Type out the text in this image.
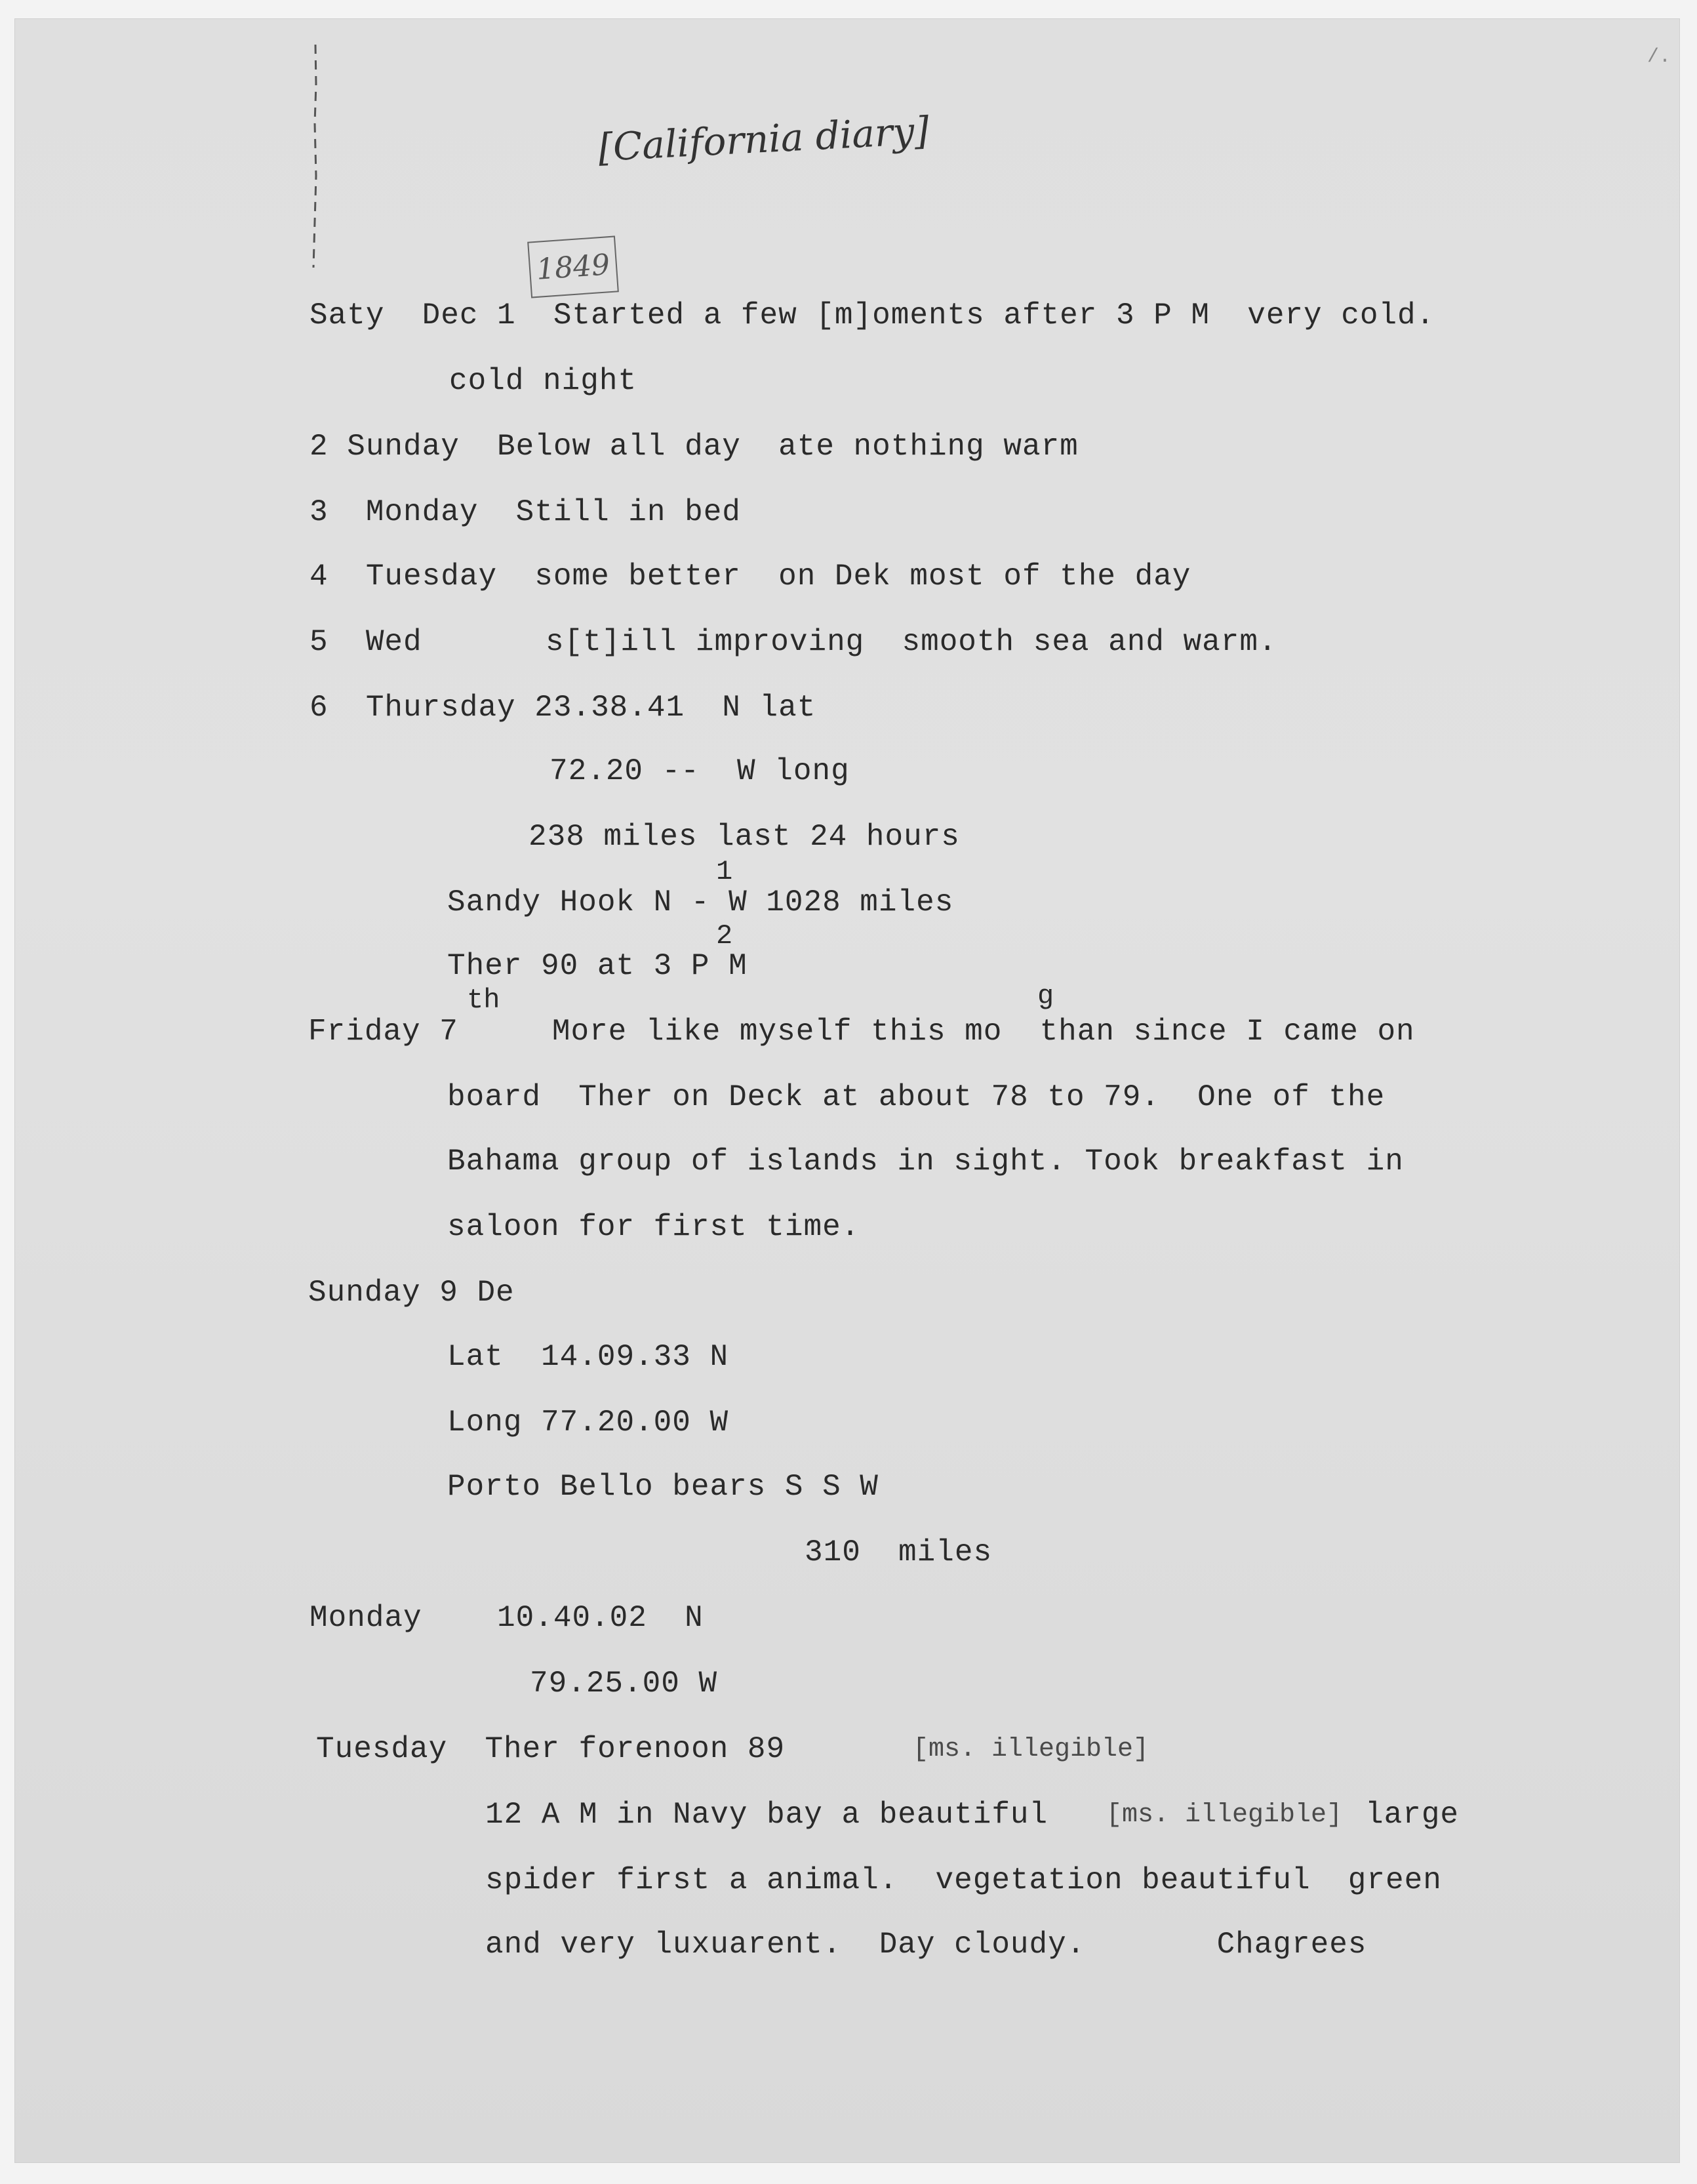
/.
[California diary]
1849
Saty  Dec 1  Started a few [m]oments after 3 P M  very cold.
cold night
2 Sunday  Below all day  ate nothing warm
3  Monday  Still in bed
4  Tuesday  some better  on Dek most of the day
5  Wed	s[t]ill improving  smooth sea and warm.
6  Thursday 23.38.41  N lat
72.20 --  W long
238 miles last 24 hours
1
Sandy Hook N - W 1028 miles
2
Ther 90 at 3 P M
th	g
Friday 7     More like myself this mo  than since I came on
board  Ther on Deck at about 78 to 79.  One of the
Bahama group of islands in sight. Took breakfast in
saloon for first time.
Sunday 9 De
Lat  14.09.33 N
Long 77.20.00 W
Porto Bello bears S S W
310  miles
Monday    10.40.02  N
79.25.00 W
Tuesday  Ther forenoon 89	[ms. illegible]
12 A M in Navy bay a beautiful [ms. illegible] large
spider first a animal.  vegetation beautiful  green
and very luxuarent.  Day cloudy.       Chagrees
